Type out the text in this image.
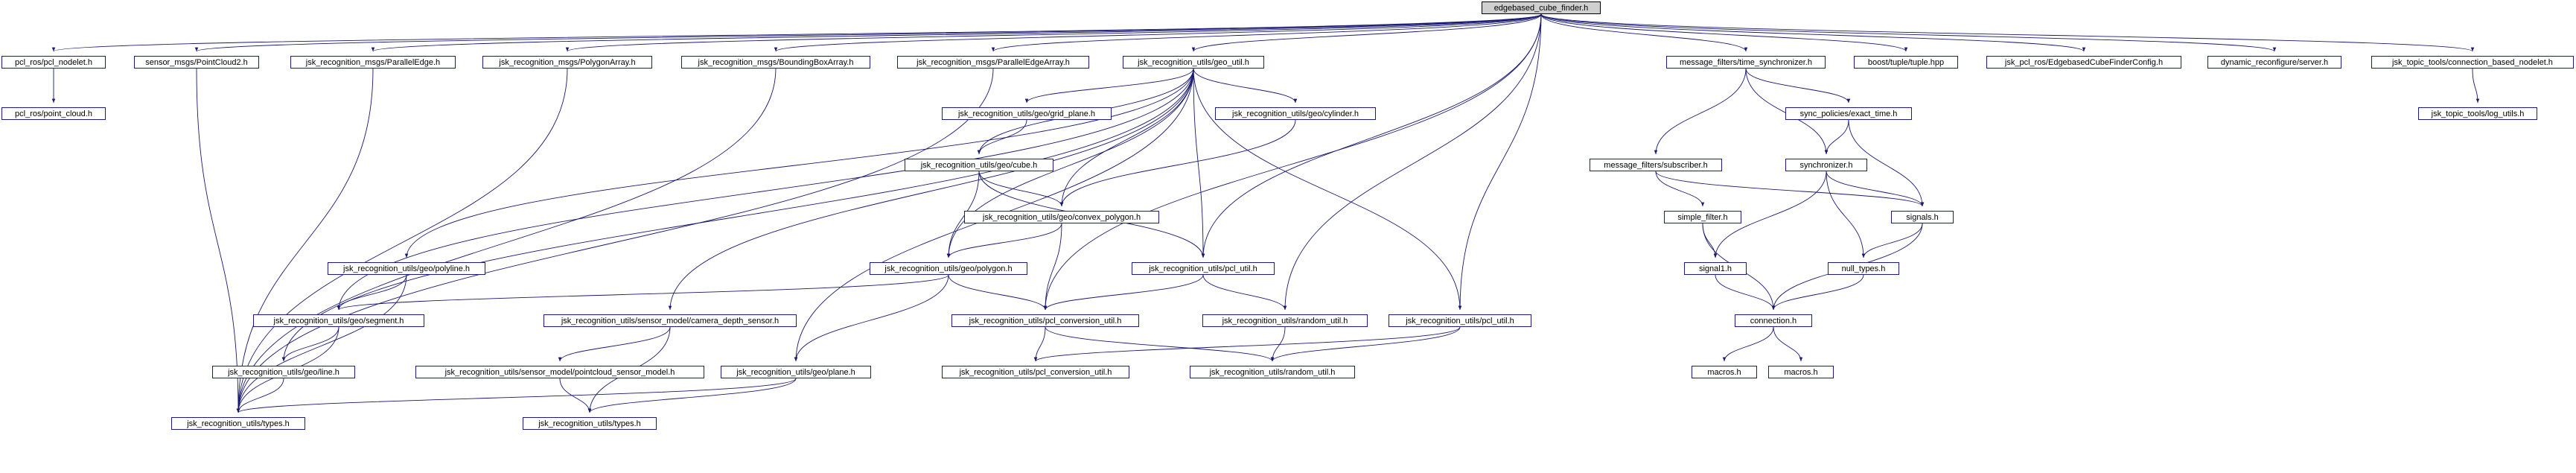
edgebased_cube_finder.h
pcl_ros/pcl_nodelet.h	sensor_msgs/PointCloud2.h	jsk_recognition_msgs/ParallelEdge.h	jsk_recognition_msgs/PolygonArray.h	jsk_recognition_msgs/BoundingBoxArray.h	jsk_recognition_msgs/ParallelEdgeArray.h	jsk_recognition_utils/geo_util.h	message_filters/time_synchronizer.h	boost/tuple/tuple.hpp	jsk_pcl_ros/EdgebasedCubeFinderConfig.h	dynamic_reconfigure/server.h	jsk_topic_tools/connection_based_nodelet.h
pcl_ros/point_cloud.h	jsk_recognition_utils/geo/grid_plane.h	jsk_recognition_utils/geo/cylinder.h	jsk_topic_tools/log_utils.h
sync_policies/exact_time.h
jsk_recognition_utils/geo/cube.h	message_filters/subscriber.h	synchronizer.h
jsk_recognition_utils/geo/convex_polygon.h	simple_filter.h	signals.h
jsk_recognition_utils/geo/polyline.h	jsk_recognition_utils/geo/polygon.h	jsk_recognition_utils/pcl_util.h	signal1.h	null_types.h
jsk_recognition_utils/geo/segment.h	jsk_recognition_utils/sensor_model/camera_depth_sensor.h	jsk_recognition_utils/pcl_conversion_util.h	jsk_recognition_utils/random_util.h	jsk_recognition_utils/pcl_util.h	connection.h
jsk_recognition_utils/geo/line.h	jsk_recognition_utils/sensor_model/pointcloud_sensor_model.h	jsk_recognition_utils/geo/plane.h	macros.h	macros.h
jsk_recognition_utils/pcl_conversion_util.h	jsk_recognition_utils/random_util.h
jsk_recognition_utils/types.h	jsk_recognition_utils/types.h
